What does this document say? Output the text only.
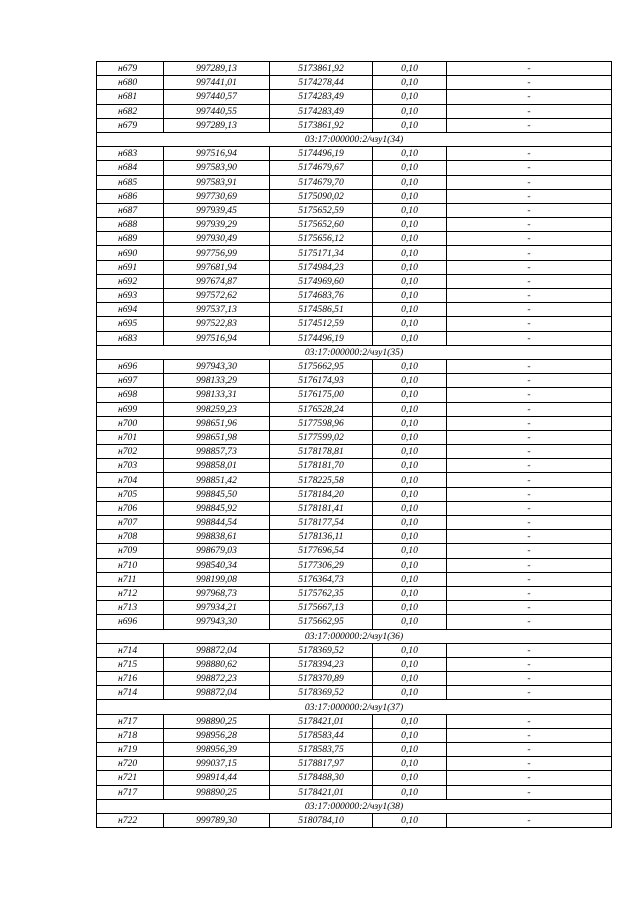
н679	997289,13	5173861,92	0,10	-
н680	997441,01	5174278,44	0,10	-
н681	997440,57	5174283,49	0,10	-
н682	997440,55	5174283,49	0,10	-
н679	997289,13	5173861,92	0,10	-
03:17:000000:2/чзу1(34)				
н683	997516,94	5174496,19	0,10	-
н684	997583,90	5174679,67	0,10	-
н685	997583,91	5174679,70	0,10	-
н686	997730,69	5175090,02	0,10	-
н687	997939,45	5175652,59	0,10	-
н688	997939,29	5175652,60	0,10	-
н689	997930,49	5175656,12	0,10	-
н690	997756,99	5175171,34	0,10	-
н691	997681,94	5174984,23	0,10	-
н692	997674,87	5174969,60	0,10	-
н693	997572,62	5174683,76	0,10	-
н694	997537,13	5174586,51	0,10	-
н695	997522,83	5174512,59	0,10	-
н683	997516,94	5174496,19	0,10	-
03:17:000000:2/чзу1(35)				
н696	997943,30	5175662,95	0,10	-
н697	998133,29	5176174,93	0,10	-
н698	998133,31	5176175,00	0,10	-
н699	998259,23	5176528,24	0,10	-
н700	998651,96	5177598,96	0,10	-
н701	998651,98	5177599,02	0,10	-
н702	998857,73	5178178,81	0,10	-
н703	998858,01	5178181,70	0,10	-
н704	998851,42	5178225,58	0,10	-
н705	998845,50	5178184,20	0,10	-
н706	998845,92	5178181,41	0,10	-
н707	998844,54	5178177,54	0,10	-
н708	998838,61	5178136,11	0,10	-
н709	998679,03	5177696,54	0,10	-
н710	998540,34	5177306,29	0,10	-
н711	998199,08	5176364,73	0,10	-
н712	997968,73	5175762,35	0,10	-
н713	997934,21	5175667,13	0,10	-
н696	997943,30	5175662,95	0,10	-
03:17:000000:2/чзу1(36)				
н714	998872,04	5178369,52	0,10	-
н715	998880,62	5178394,23	0,10	-
н716	998872,23	5178370,89	0,10	-
н714	998872,04	5178369,52	0,10	-
03:17:000000:2/чзу1(37)				
н717	998890,25	5178421,01	0,10	-
н718	998956,28	5178583,44	0,10	-
н719	998956,39	5178583,75	0,10	-
н720	999037,15	5178817,97	0,10	-
н721	998914,44	5178488,30	0,10	-
н717	998890,25	5178421,01	0,10	-
03:17:000000:2/чзу1(38)				
н722	999789,30	5180784,10	0,10	-
